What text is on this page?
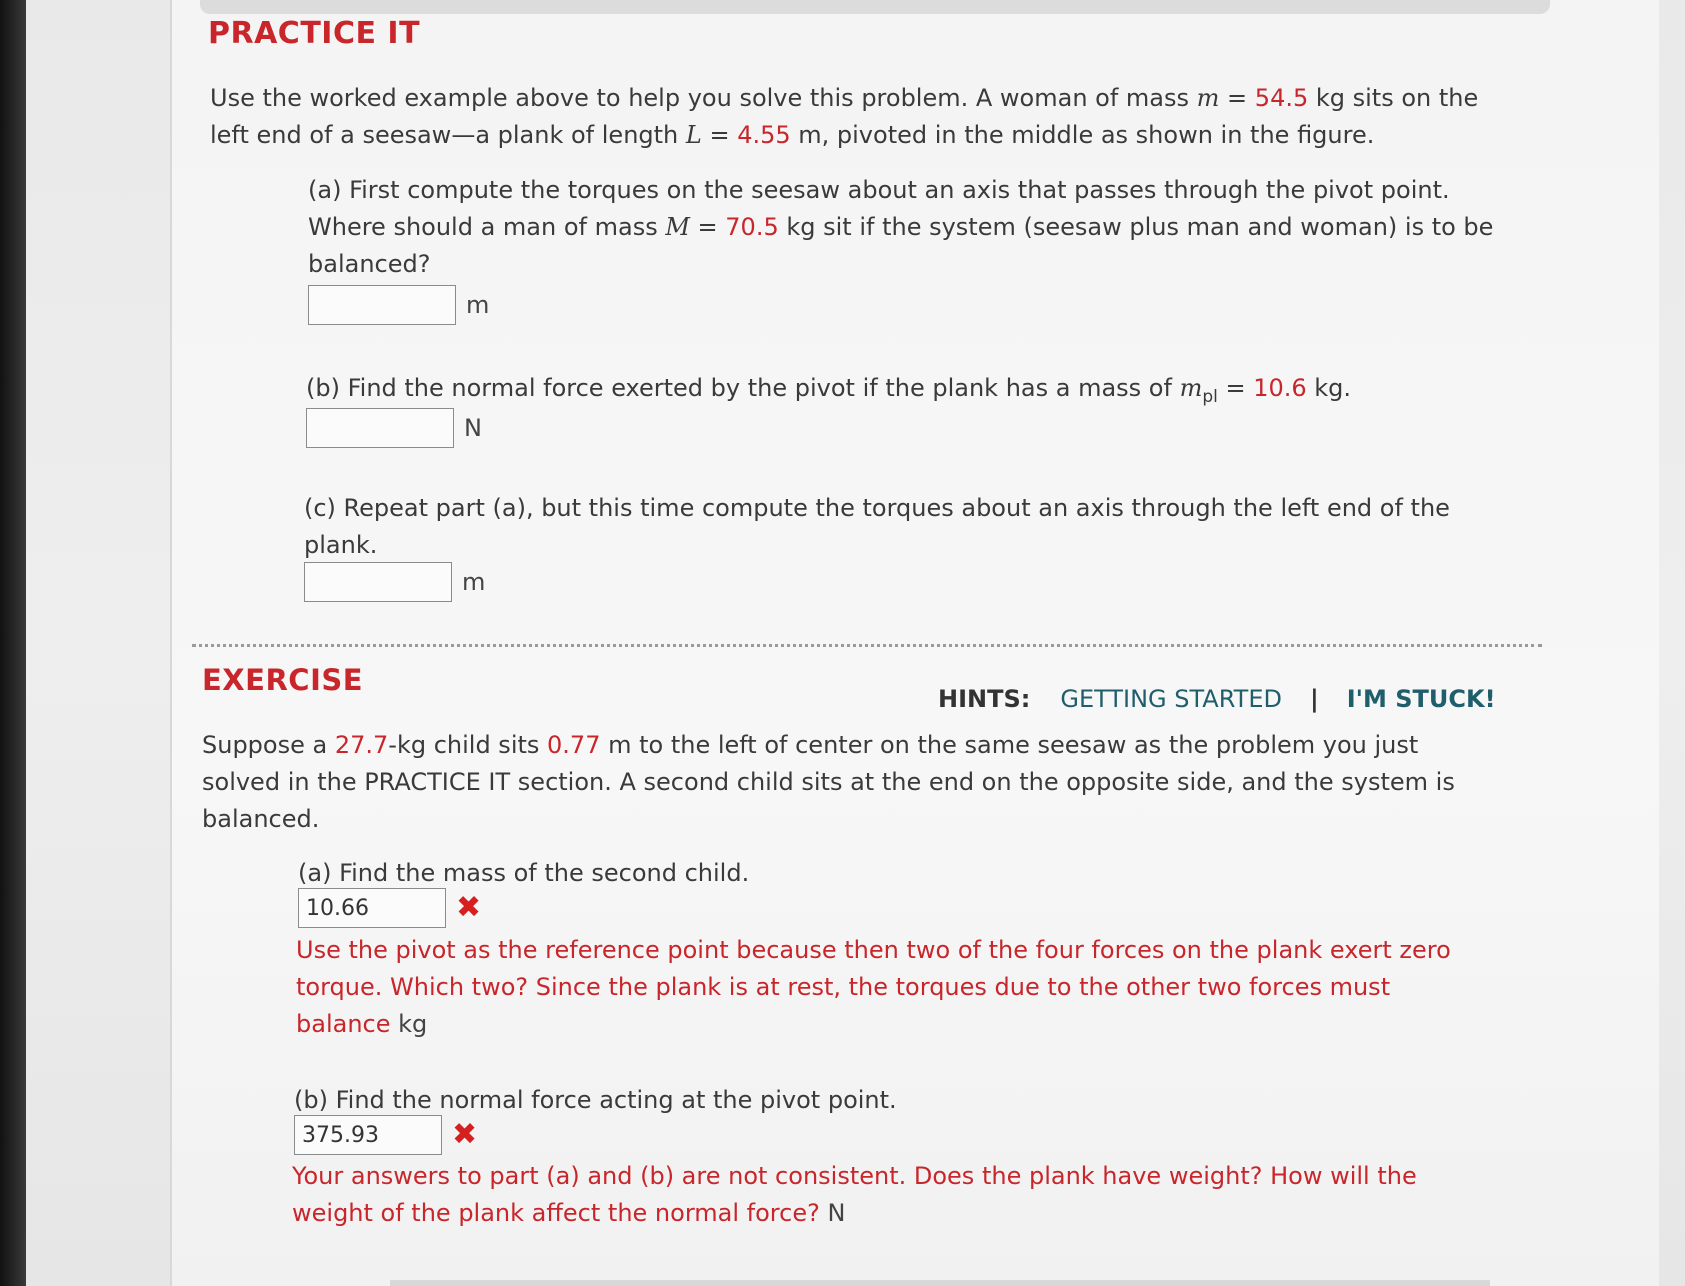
PRACTICE IT

Use the worked example above to help you solve this problem. A woman of mass m = 54.5 kg sits on the

left end of a seesaw—a plank of length L = 4.55 m, pivoted in the middle as shown in the figure.

(a) First compute the torques on the seesaw about an axis that passes through the pivot point.

Where should a man of mass M = 70.5 kg sit if the system (seesaw plus man and woman) is to be

balanced?

m

(b) Find the normal force exerted by the pivot if the plank has a mass of $m_{pl} = 10.6$ kg.

N

(c) Repeat part (a), but this time compute the torques about an axis through the left end of the

plank.

m
EXERCISE
HINTS: GETTING STARTED | I'M STUCK!

Suppose a 27.7-kg child sits 0.77 m to the left of center on the same seesaw as the problem you just

solved in the PRACTICE IT section. A second child sits at the end on the opposite side, and the system is

balanced.

(a) Find the mass of the second child.

10.66
✖

Use the pivot as the reference point because then two of the four forces on the plank exert zero

torque. Which two? Since the plank is at rest, the torques due to the other two forces must

balance kg

(b) Find the normal force acting at the pivot point.

375.93
✖

Your answers to part (a) and (b) are not consistent. Does the plank have weight? How will the

weight of the plank affect the normal force? N
